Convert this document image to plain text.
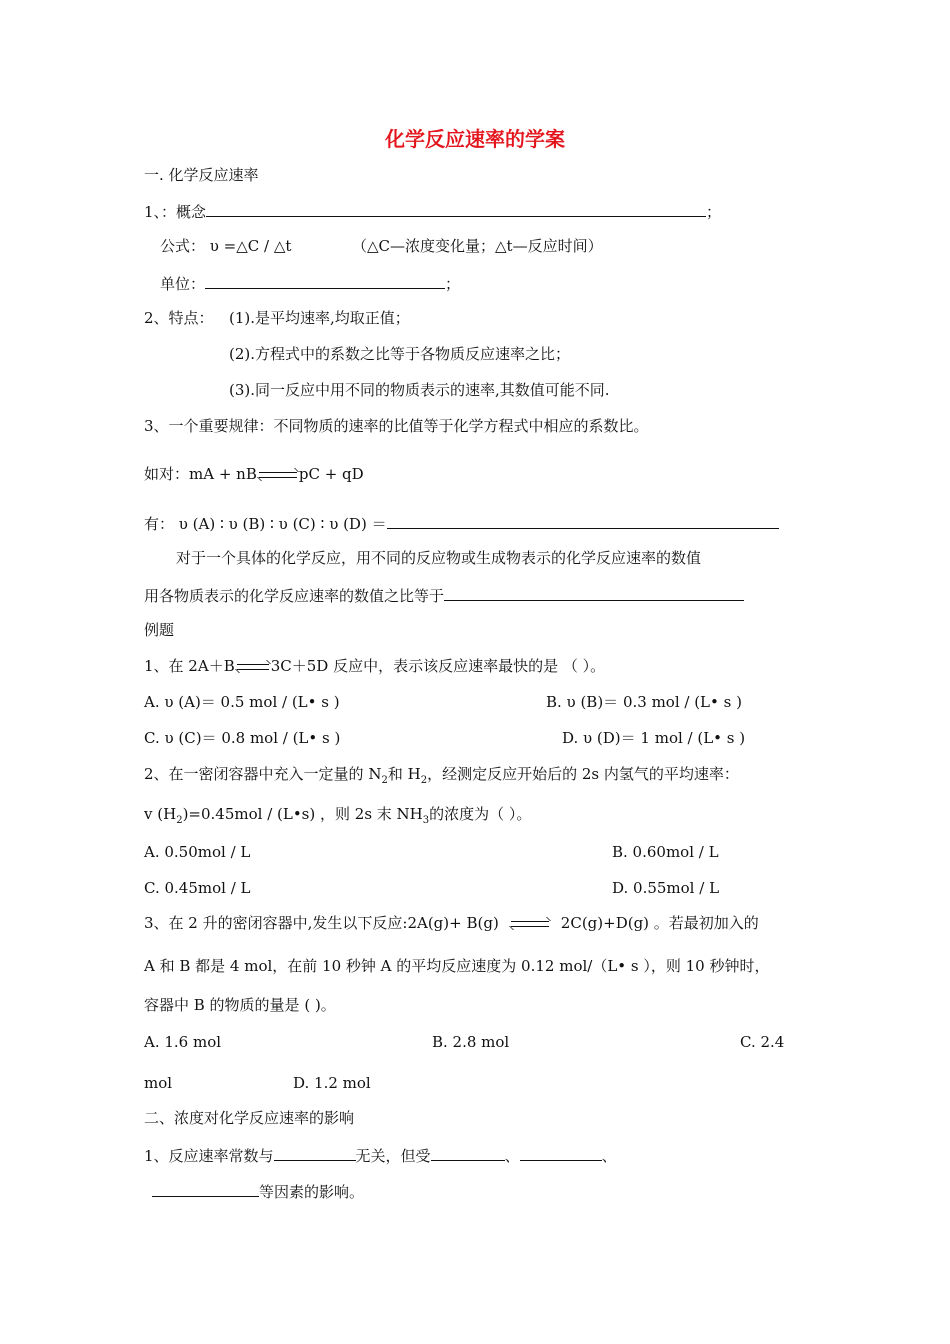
化学反应速率的学案
一. 化学反应速率
1、：概念	；
公式： υ =△C / △t	（△C—浓度变化量；△t—反应时间）
单位：	；
2、特点： (1).是平均速率,均取正值；
(2).方程式中的系数之比等于各物质反应速率之比；
(3).同一反应中用不同的物质表示的速率,其数值可能不同.
3、一个重要规律：不同物质的速率的比值等于化学方程式中相应的系数比。
如对：mA + nB	pC + qD
有： υ (A) ∶ υ (B) ∶ υ (C) ∶ υ (D) ＝
对于一个具体的化学反应，用不同的反应物或生成物表示的化学反应速率的数值
用各物质表示的化学反应速率的数值之比等于
例题
1、在 2A＋B 3C＋5D 反应中，表示该反应速率最快的是 （ ）。
A. υ (A)＝ 0.5 mol / (L• s )	B. υ (B)＝ 0.3 mol / (L• s )
C. υ (C)＝ 0.8 mol / (L• s )	D. υ (D)＝ 1 mol / (L• s )
2、在一密闭容器中充入一定量的 $N_2$和 $H_2$，经测定反应开始后的 2s 内氢气的平均速率：
v $(H_2)=0.45mol$ / (L•s) ，则 2s 末 $NH_3$的浓度为（ ）。
A. 0.50mol / L	B. 0.60mol / L
C. 0.45mol / L	D. 0.55mol / L
3、在 2 升的密闭容器中,发生以下反应:2A(g)+ B(g)	2C(g)+D(g) 。若最初加入的
A 和 B 都是 4 mol，在前 10 秒钟 A 的平均反应速度为 0.12 mol/（L• s ），则 10 秒钟时，
容器中 B 的物质的量是 ( )。
A. 1.6 mol	B. 2.8 mol	C. 2.4
mol	D. 1.2 mol
二、浓度对化学反应速率的影响
1、反应速率常数与	无关，但受	、	、
等因素的影响。
